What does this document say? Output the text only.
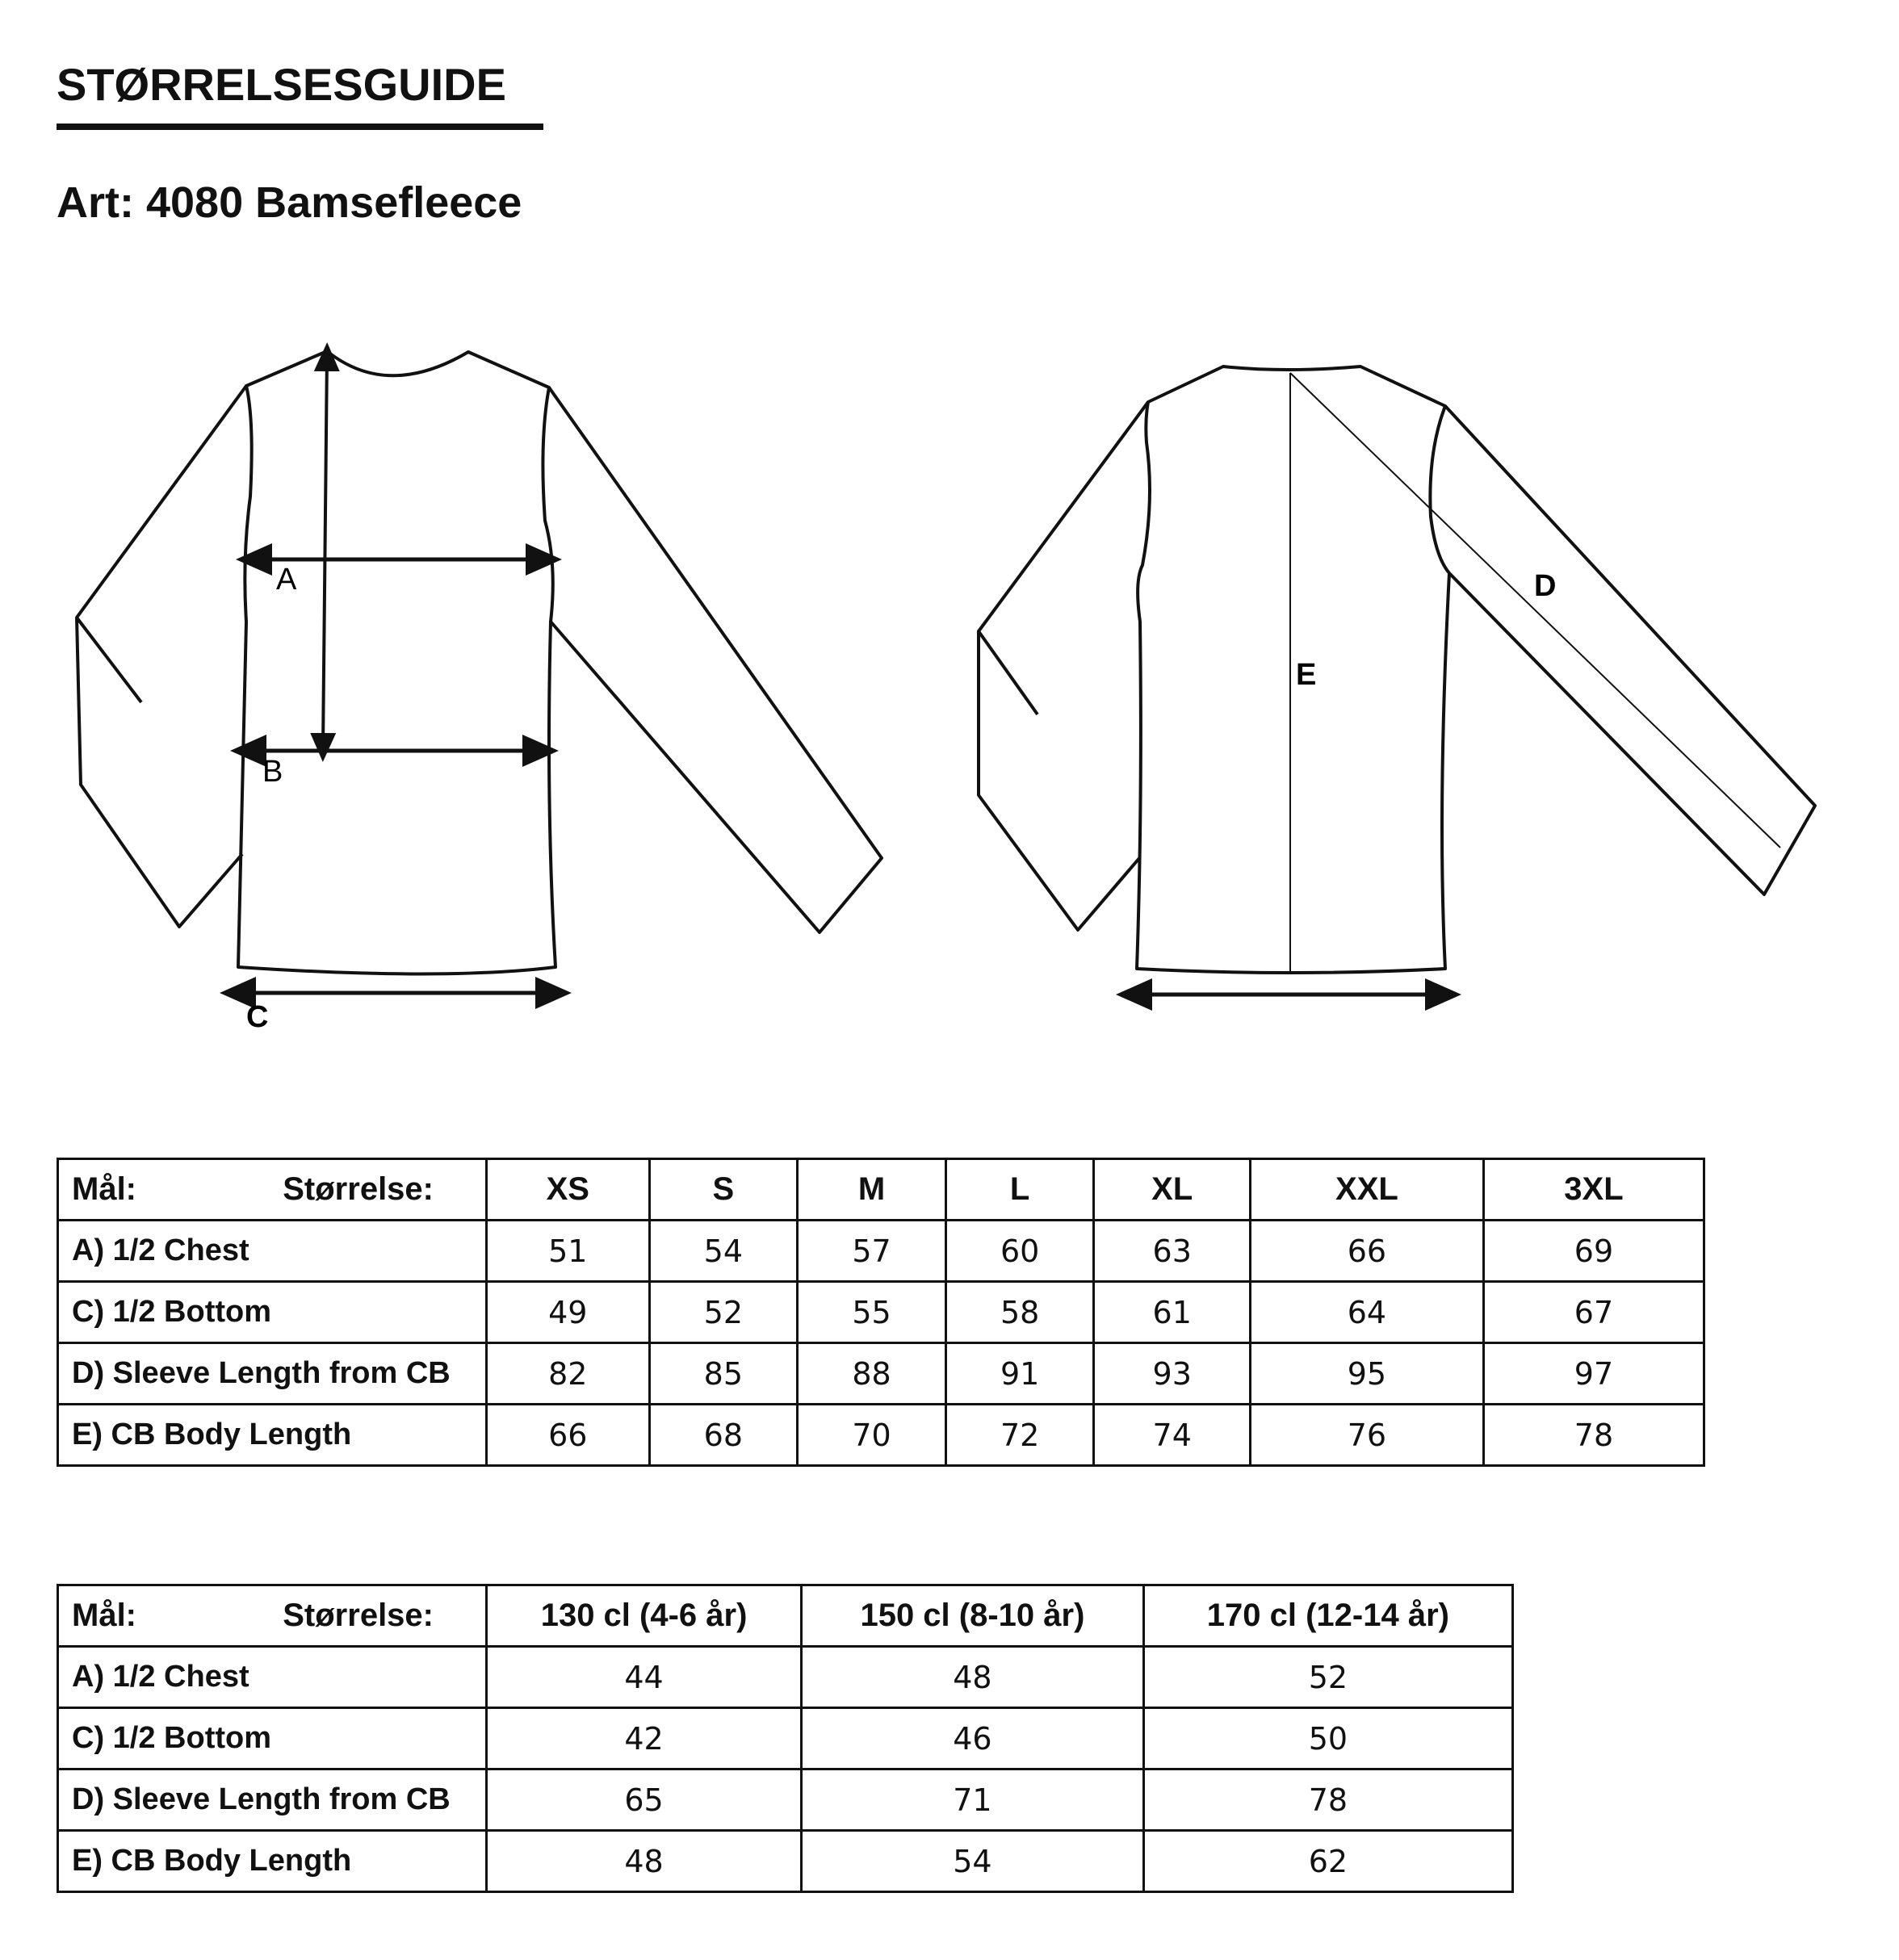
STØRRELSESGUIDE
Art: 4080 Bamsefleece
A
B
C
D
E
Mål: Størrelse:	XS	S	M	L	XL	XXL	3XL
A) 1/2 Chest	51	54	57	60	63	66	69
C) 1/2 Bottom	49	52	55	58	61	64	67
D) Sleeve Length from CB	82	85	88	91	93	95	97
E) CB Body Length	66	68	70	72	74	76	78
Mål: Størrelse:	130 cl (4-6 år)	150 cl (8-10 år)	170 cl (12-14 år)
A) 1/2 Chest	44	48	52
C) 1/2 Bottom	42	46	50
D) Sleeve Length from CB	65	71	78
E) CB Body Length	48	54	62
